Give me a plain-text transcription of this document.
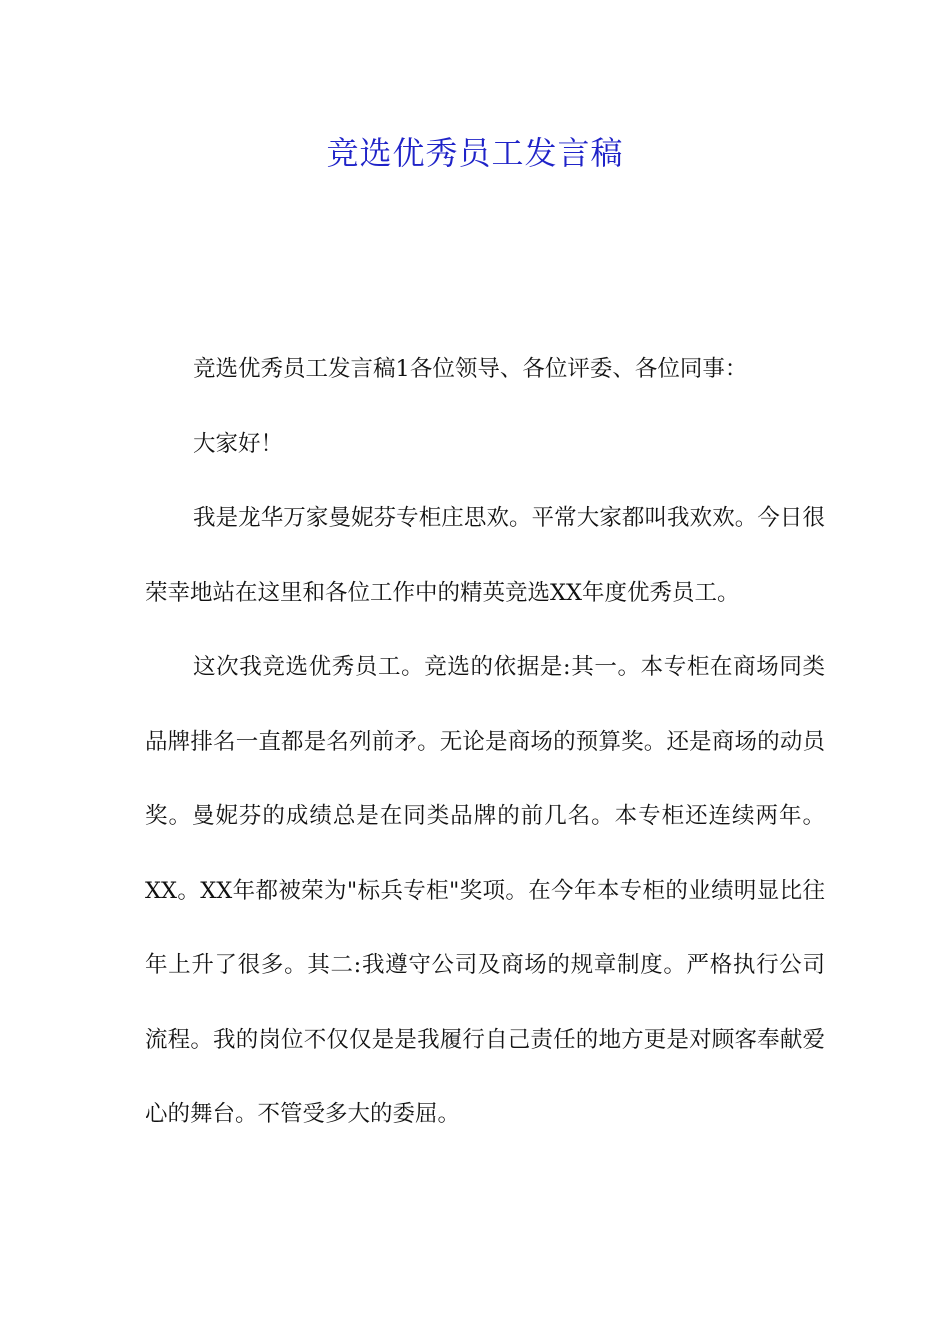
竞选优秀员工发言稿

竞选优秀员工发言稿1各位领导、各位评委、各位同事：

大家好！

我是龙华万家曼妮芬专柜庄思欢。平常大家都叫我欢欢。今日很荣幸地站在这里和各位工作中的精英竞选XX年度优秀员工。

这次我竞选优秀员工。竞选的依据是:其一。本专柜在商场同类品牌排名一直都是名列前矛。无论是商场的预算奖。还是商场的动员奖。曼妮芬的成绩总是在同类品牌的前几名。本专柜还连续两年。XX。XX年都被荣为"标兵专柜"奖项。在今年本专柜的业绩明显比往年上升了很多。其二:我遵守公司及商场的规章制度。严格执行公司流程。我的岗位不仅仅是是我履行自己责任的地方更是对顾客奉献爱心的舞台。不管受多大的委屈。
